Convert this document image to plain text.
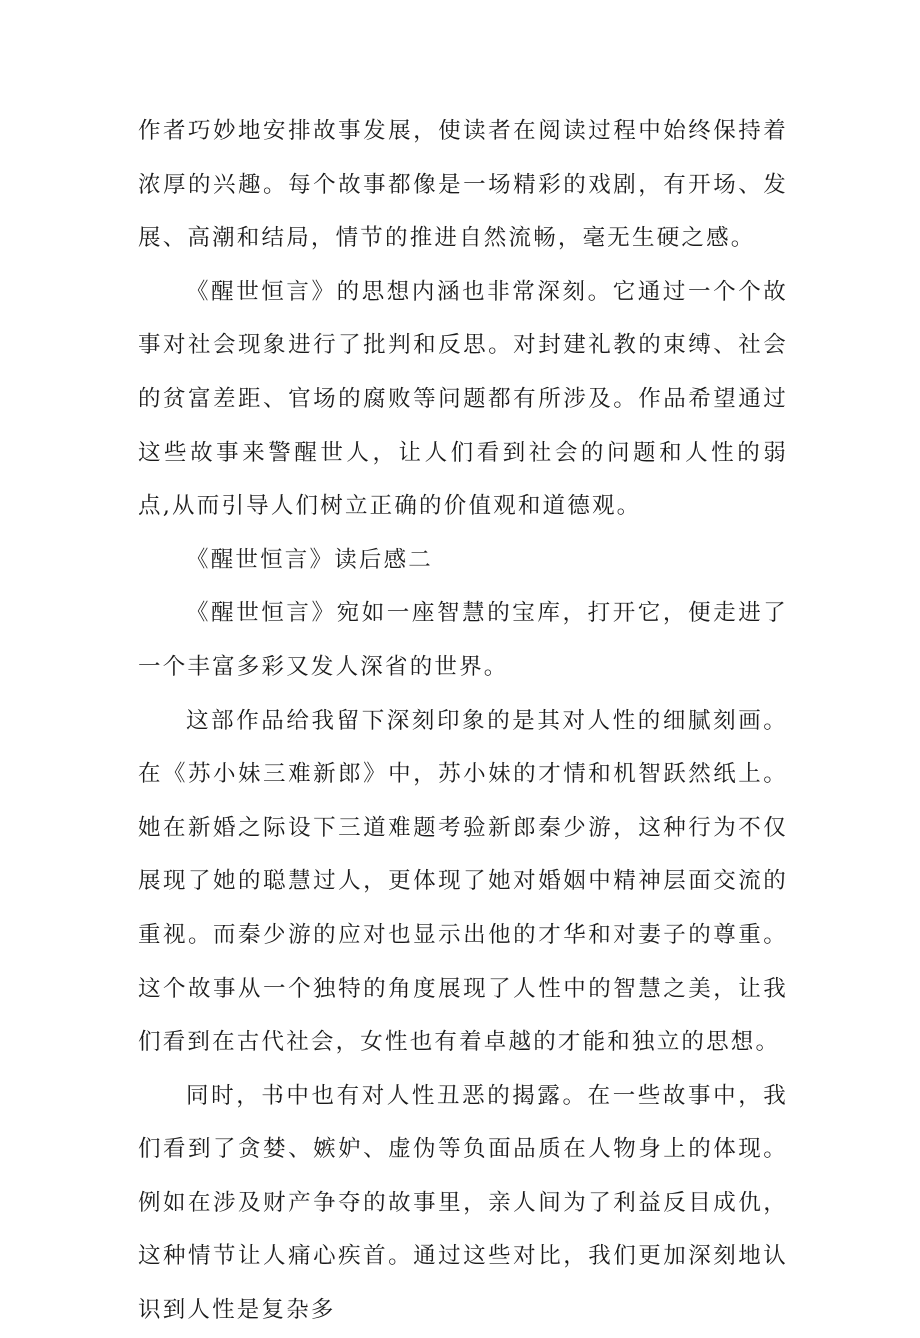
作者巧妙地安排故事发展，使读者在阅读过程中始终保持着浓厚的兴趣。每个故事都像是一场精彩的戏剧，有开场、发展、高潮和结局，情节的推进自然流畅，毫无生硬之感。

《醒世恒言》的思想内涵也非常深刻。它通过一个个故事对社会现象进行了批判和反思。对封建礼教的束缚、社会的贫富差距、官场的腐败等问题都有所涉及。作品希望通过这些故事来警醒世人，让人们看到社会的问题和人性的弱点,从而引导人们树立正确的价值观和道德观。

《醒世恒言》读后感二

《醒世恒言》宛如一座智慧的宝库，打开它，便走进了一个丰富多彩又发人深省的世界。

这部作品给我留下深刻印象的是其对人性的细腻刻画。在《苏小妹三难新郎》中，苏小妹的才情和机智跃然纸上。她在新婚之际设下三道难题考验新郎秦少游，这种行为不仅展现了她的聪慧过人，更体现了她对婚姻中精神层面交流的重视。而秦少游的应对也显示出他的才华和对妻子的尊重。这个故事从一个独特的角度展现了人性中的智慧之美，让我们看到在古代社会，女性也有着卓越的才能和独立的思想。

同时，书中也有对人性丑恶的揭露。在一些故事中，我们看到了贪婪、嫉妒、虚伪等负面品质在人物身上的体现。例如在涉及财产争夺的故事里，亲人间为了利益反目成仇，这种情节让人痛心疾首。通过这些对比，我们更加深刻地认识到人性是复杂多
